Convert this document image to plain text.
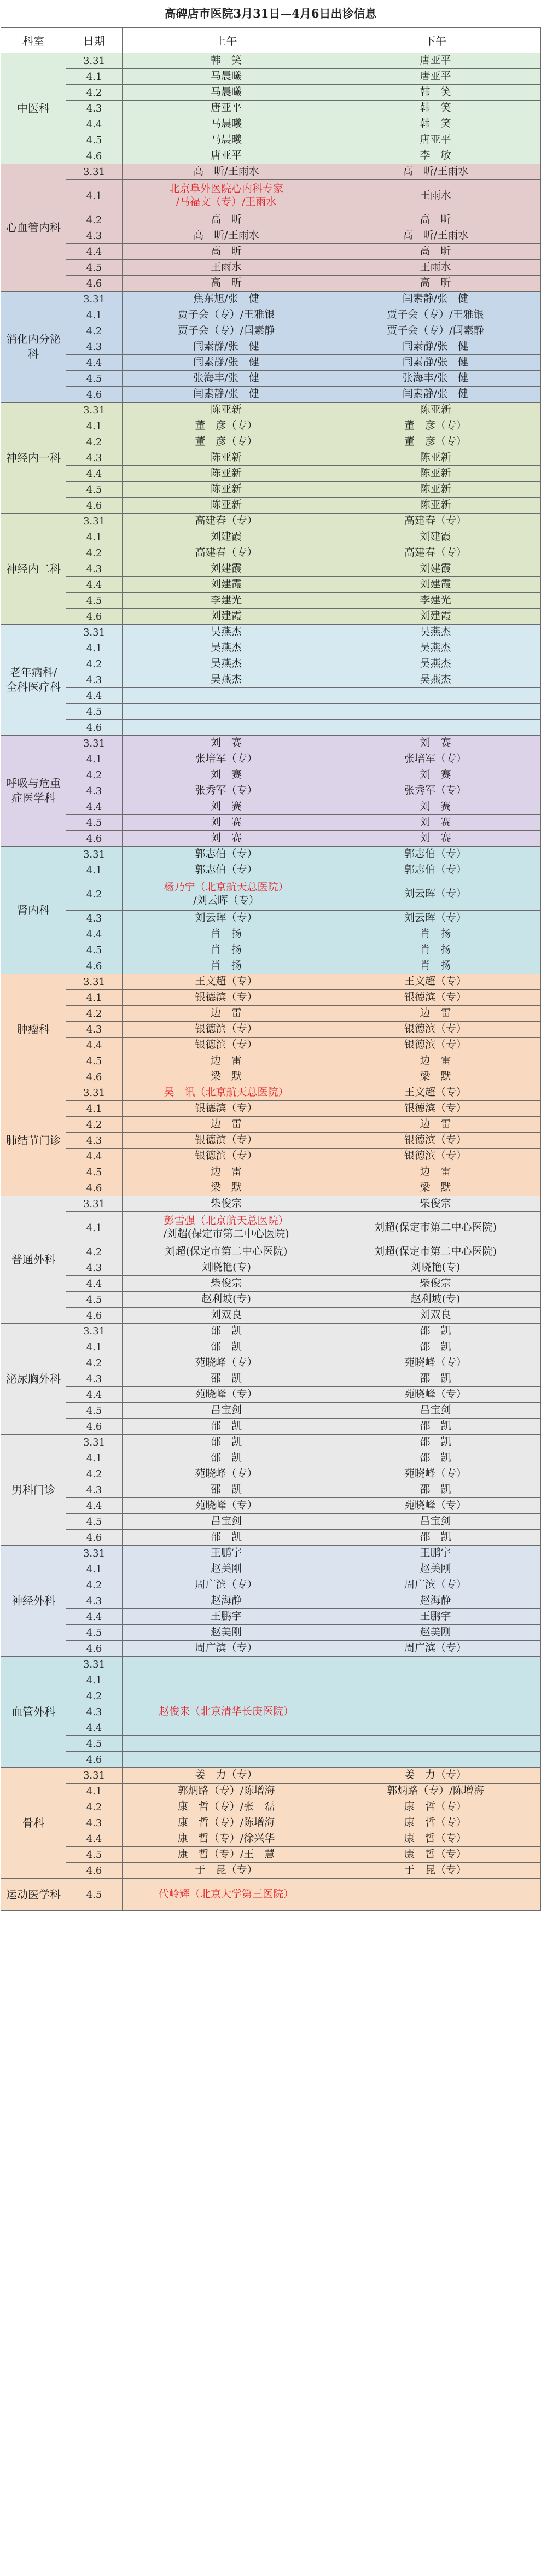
高碑店市医院3月31日—4月6日出诊信息
科室	日期	上午	下午
中医科	3.31	韩　笑	唐亚平

	4.1	马晨曦	唐亚平

	4.2	马晨曦	韩　笑

	4.3	唐亚平	韩　笑

	4.4	马晨曦	韩　笑

	4.5	马晨曦	唐亚平

	4.6	唐亚平	李　敏

心血管内科	3.31	高　昕/王雨水	高　昕/王雨水

	4.1	北京阜外医院心内科专家
/马福文（专）/王雨水	王雨水

	4.2	高　昕	高　昕

	4.3	高　昕/王雨水	高　昕/王雨水

	4.4	高　昕	高　昕

	4.5	王雨水	王雨水

	4.6	高　昕	高　昕

消化内分泌科	3.31	焦东旭/张　健	闫素静/张　健

	4.1	贾子会（专）/王雅银	贾子会（专）/王雅银

	4.2	贾子会（专）/闫素静	贾子会（专）/闫素静

	4.3	闫素静/张　健	闫素静/张　健

	4.4	闫素静/张　健	闫素静/张　健

	4.5	张海丰/张　健	张海丰/张　健

	4.6	闫素静/张　健	闫素静/张　健

神经内一科	3.31	陈亚新	陈亚新

	4.1	董　彦（专）	董　彦（专）

	4.2	董　彦（专）	董　彦（专）

	4.3	陈亚新	陈亚新

	4.4	陈亚新	陈亚新

	4.5	陈亚新	陈亚新

	4.6	陈亚新	陈亚新

神经内二科	3.31	高建春（专）	高建春（专）

	4.1	刘建霞	刘建霞

	4.2	高建春（专）	高建春（专）

	4.3	刘建霞	刘建霞

	4.4	刘建霞	刘建霞

	4.5	李建光	李建光

	4.6	刘建霞	刘建霞

老年病科/全科医疗科	3.31	吴燕杰	吴燕杰

	4.1	吴燕杰	吴燕杰

	4.2	吴燕杰	吴燕杰

	4.3	吴燕杰	吴燕杰

	4.4	

	4.5	

	4.6	

呼吸与危重症医学科	3.31	刘　赛	刘　赛

	4.1	张培军（专）	张培军（专）

	4.2	刘　赛	刘　赛

	4.3	张秀军（专）	张秀军（专）

	4.4	刘　赛	刘　赛

	4.5	刘　赛	刘　赛

	4.6	刘　赛	刘　赛

肾内科	3.31	郭志伯（专）	郭志伯（专）

	4.1	郭志伯（专）	郭志伯（专）

	4.2	杨乃宁（北京航天总医院）
/刘云晖（专）	刘云晖（专）

	4.3	刘云晖（专）	刘云晖（专）

	4.4	肖　扬	肖　扬

	4.5	肖　扬	肖　扬

	4.6	肖　扬	肖　扬

肿瘤科	3.31	王文超（专）	王文超（专）

	4.1	银德滨（专）	银德滨（专）

	4.2	边　雷	边　雷

	4.3	银德滨（专）	银德滨（专）

	4.4	银德滨（专）	银德滨（专）

	4.5	边　雷	边　雷

	4.6	梁　默	梁　默

肺结节门诊	3.31	吴　讯（北京航天总医院）	王文超（专）

	4.1	银德滨（专）	银德滨（专）

	4.2	边　雷	边　雷

	4.3	银德滨（专）	银德滨（专）

	4.4	银德滨（专）	银德滨（专）

	4.5	边　雷	边　雷

	4.6	梁　默	梁　默

普通外科	3.31	柴俊宗	柴俊宗

	4.1	彭雪强（北京航天总医院）
/刘超(保定市第二中心医院)	刘超(保定市第二中心医院)

	4.2	刘超(保定市第二中心医院)	刘超(保定市第二中心医院)

	4.3	刘晓艳(专)	刘晓艳(专)

	4.4	柴俊宗	柴俊宗

	4.5	赵利坡(专)	赵利坡(专)

	4.6	刘双良	刘双良

泌尿胸外科	3.31	邵　凯	邵　凯

	4.1	邵　凯	邵　凯

	4.2	苑晓峰（专）	苑晓峰（专）

	4.3	邵　凯	邵　凯

	4.4	苑晓峰（专）	苑晓峰（专）

	4.5	吕宝剑	吕宝剑

	4.6	邵　凯	邵　凯

男科门诊	3.31	邵　凯	邵　凯

	4.1	邵　凯	邵　凯

	4.2	苑晓峰（专）	苑晓峰（专）

	4.3	邵　凯	邵　凯

	4.4	苑晓峰（专）	苑晓峰（专）

	4.5	吕宝剑	吕宝剑

	4.6	邵　凯	邵　凯

神经外科	3.31	王鹏宇	王鹏宇

	4.1	赵美刚	赵美刚

	4.2	周广滨（专）	周广滨（专）

	4.3	赵海静	赵海静

	4.4	王鹏宇	王鹏宇

	4.5	赵美刚	赵美刚

	4.6	周广滨（专）	周广滨（专）

血管外科	3.31	

	4.1	

	4.2	

	4.3	赵俊来（北京清华长庚医院）	

	4.4	

	4.5	

	4.6	

骨科	3.31	姜　力（专）	姜　力（专）

	4.1	郭炳路（专）/陈增海	郭炳路（专）/陈增海

	4.2	康　哲（专）/张　磊	康　哲（专）

	4.3	康　哲（专）/陈增海	康　哲（专）

	4.4	康　哲（专）/徐兴华	康　哲（专）

	4.5	康　哲（专）/王　慧	康　哲（专）

	4.6	于　昆（专）	于　昆（专）

运动医学科	4.5	代岭辉（北京大学第三医院）	
